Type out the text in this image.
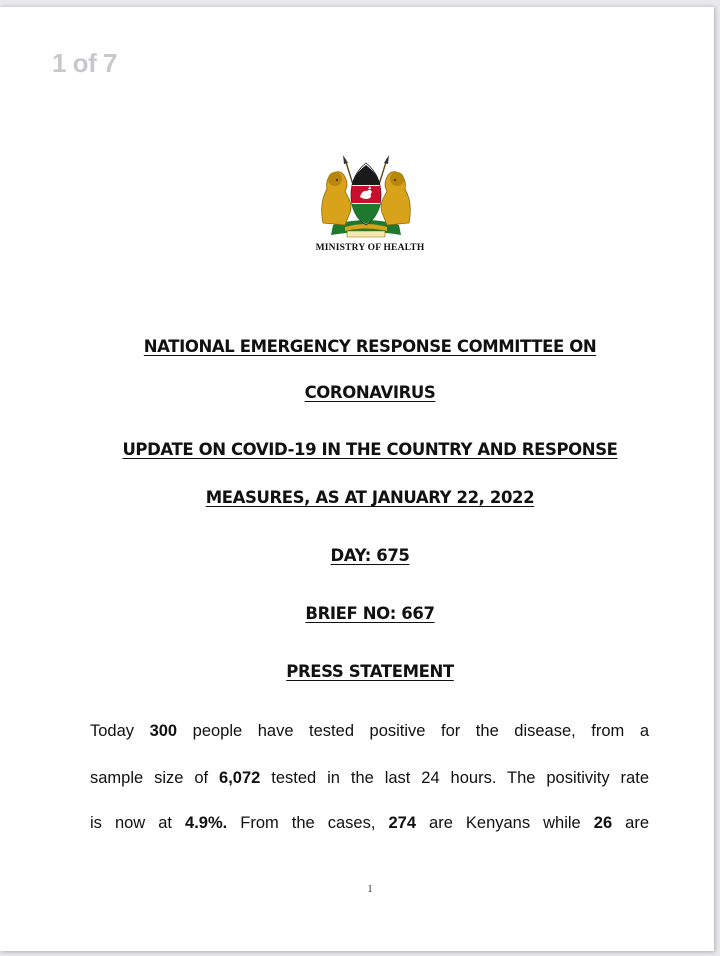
1 of 7
MINISTRY OF HEALTH
NATIONAL EMERGENCY RESPONSE COMMITTEE ON
CORONAVIRUS
UPDATE ON COVID-19 IN THE COUNTRY AND RESPONSE
MEASURES, AS AT JANUARY 22, 2022
DAY: 675
BRIEF NO: 667
PRESS STATEMENT
Today 300 people have tested positive for the disease, from a
sample size of 6,072 tested in the last 24 hours. The positivity rate
is now at 4.9%. From the cases, 274 are Kenyans while 26 are
1
